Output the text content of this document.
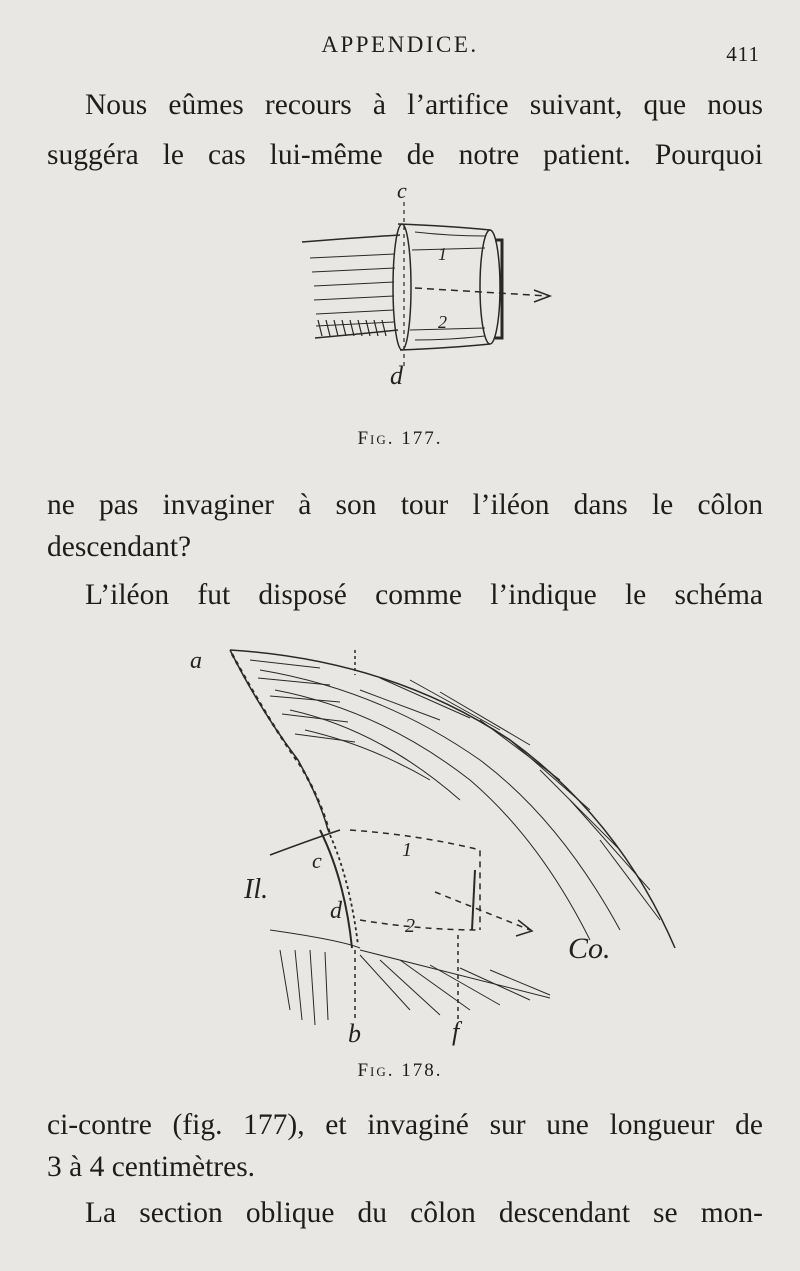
APPENDICE.	411
Nous eûmes recours à l’artifice suivant, que nous
suggéra le cas lui-même de notre patient. Pourquoi
c
1
2
d
Fig. 177.
ne pas invaginer à son tour l’iléon dans le côlon
descendant?
L’iléon fut disposé comme l’indique le schéma
a
Il.
c
d
1
2
Co.
b	f
Fig. 178.
ci-contre (fig. 177), et invaginé sur une longueur de
3 à 4 centimètres.
La section oblique du côlon descendant se mon-
